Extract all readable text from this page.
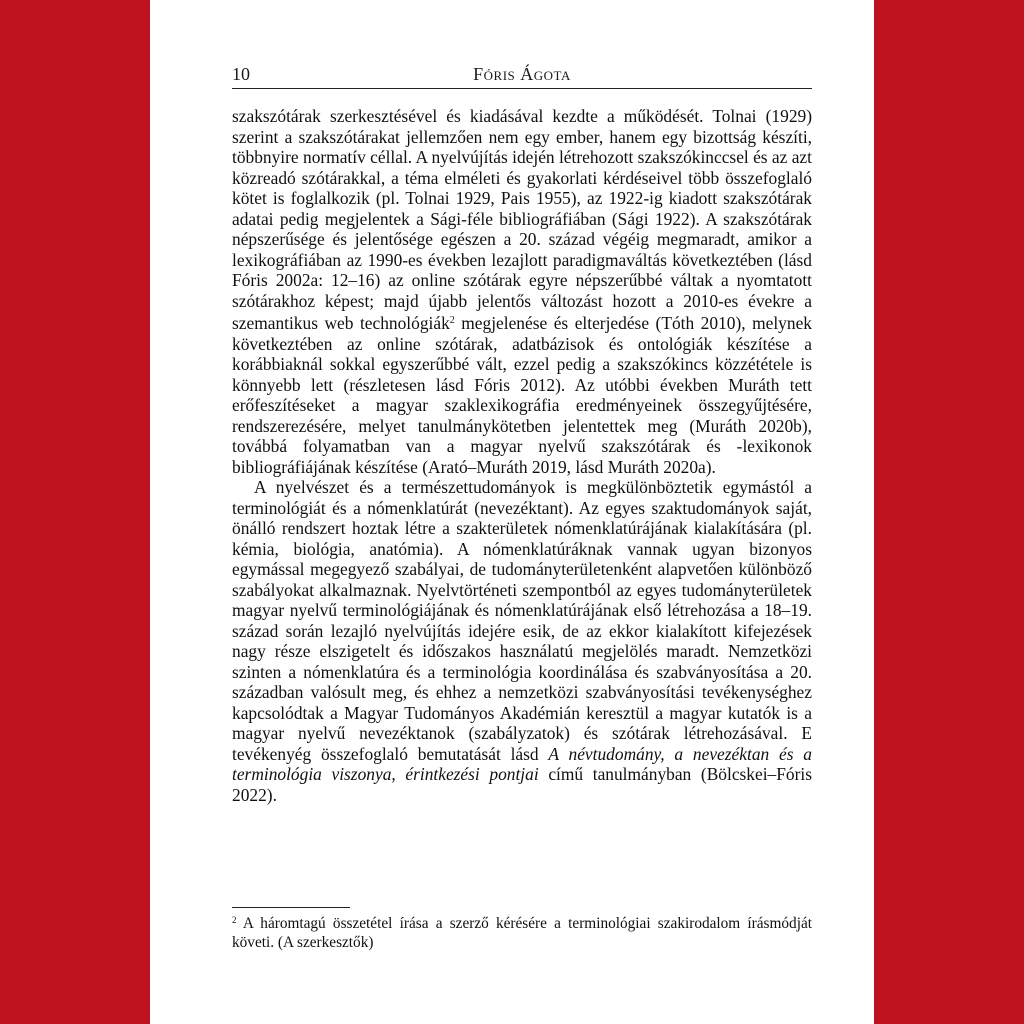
10	Fóris Ágota

szakszótárak szerkesztésével és kiadásával kezdte a működését. Tolnai (1929) szerint a szakszótárakat jellemzően nem egy ember, hanem egy bizottság készíti, többnyire normatív céllal. A nyelvújítás idején létrehozott szakszókinccsel és az azt közreadó szótárakkal, a téma elméleti és gyakorlati kérdéseivel több összefoglaló kötet is foglalkozik (pl. Tolnai 1929, Pais 1955), az 1922-ig kiadott szakszótárak adatai pedig megjelentek a Sági-féle bibliográfiában (Sági 1922). A szakszótárak népszerűsége és jelentősége egészen a 20. század végéig megmaradt, amikor a lexikográfiában az 1990-es években lezajlott paradigmaváltás következtében (lásd Fóris 2002a: 12–16) az online szótárak egyre népszerűbbé váltak a nyomtatott szótárakhoz képest; majd újabb jelentős változást hozott a 2010-es évekre a szemantikus web technológiák$^2$ megjelenése és elterjedése (Tóth 2010), melynek következtében az online szótárak, adatbázisok és ontológiák készítése a korábbiaknál sokkal egyszerűbbé vált, ezzel pedig a szakszókincs közzététele is könnyebb lett (részletesen lásd Fóris 2012). Az utóbbi években Muráth tett erőfeszítéseket a magyar szaklexikográfia eredményeinek összegyűjtésére, rendszerezésére, melyet tanulmánykötetben jelentettek meg (Muráth 2020b), továbbá folyamatban van a magyar nyelvű szakszótárak és -lexikonok bibliográfiájának készítése (Arató–Muráth 2019, lásd Muráth 2020a).

A nyelvészet és a természettudományok is megkülönböztetik egymástól a terminológiát és a nómenklatúrát (nevezéktant). Az egyes szaktudományok saját, önálló rendszert hoztak létre a szakterületek nómenklatúrájának kialakítására (pl. kémia, biológia, anatómia). A nómenklatúráknak vannak ugyan bizonyos egymással megegyező szabályai, de tudományterületenként alapvetően különböző szabályokat alkalmaznak. Nyelvtörténeti szempontból az egyes tudományterületek magyar nyelvű terminológiájának és nómenklatúrájának első létrehozása a 18–19. század során lezajló nyelvújítás idejére esik, de az ekkor kialakított kifejezések nagy része elszigetelt és időszakos használatú megjelölés maradt. Nemzetközi szinten a nómenklatúra és a terminológia koordinálása és szabványosítása a 20. században valósult meg, és ehhez a nemzetközi szabványosítási tevékenységhez kapcsolódtak a Magyar Tudományos Akadémián keresztül a magyar kutatók is a magyar nyelvű nevezéktanok (szabályzatok) és szótárak létrehozásával. E tevékenyég összefoglaló bemutatását lásd A névtudomány, a nevezéktan és a terminológia viszonya, érintkezési pontjai című tanulmányban (Bölcskei–Fóris 2022).

$^2$ A háromtagú összetétel írása a szerző kérésére a terminológiai szakirodalom írásmódját követi. (A szerkesztők)
